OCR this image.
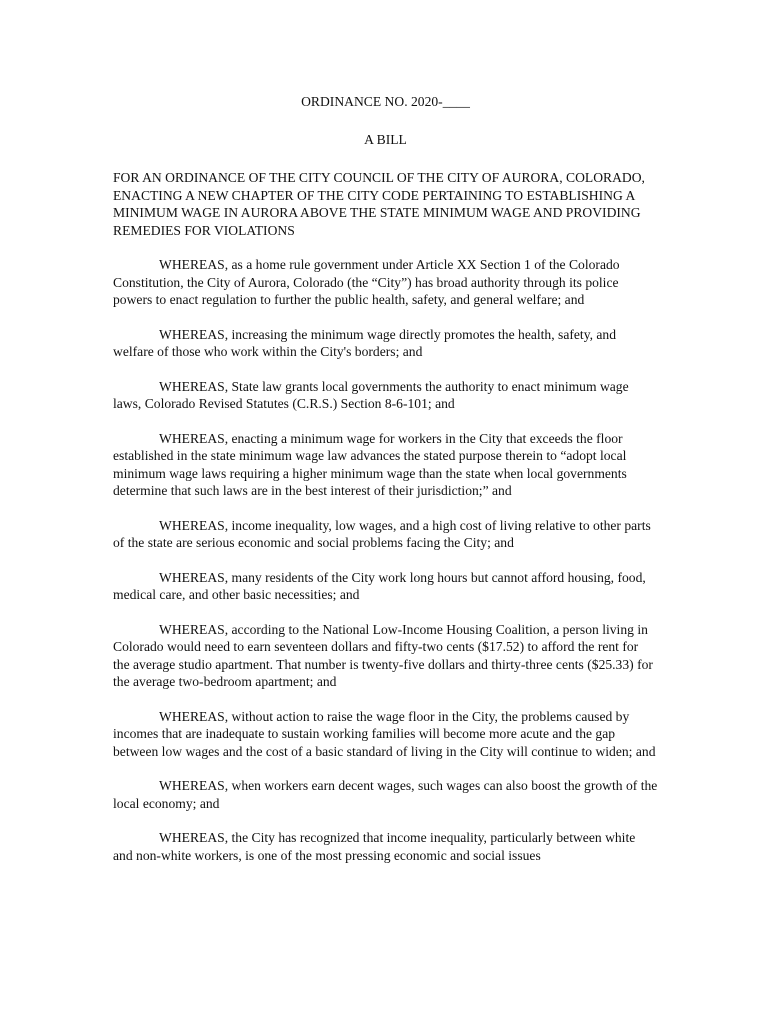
ORDINANCE NO. 2020-____
A BILL
FOR AN ORDINANCE OF THE CITY COUNCIL OF THE CITY OF AURORA, COLORADO, ENACTING A NEW CHAPTER OF THE CITY CODE PERTAINING TO ESTABLISHING A MINIMUM WAGE IN AURORA ABOVE THE STATE MINIMUM WAGE AND PROVIDING REMEDIES FOR VIOLATIONS

WHEREAS, as a home rule government under Article XX Section 1 of the Colorado Constitution, the City of Aurora, Colorado (the “City”) has broad authority through its police powers to enact regulation to further the public health, safety, and general welfare; and

WHEREAS, increasing the minimum wage directly promotes the health, safety, and welfare of those who work within the City's borders; and

WHEREAS, State law grants local governments the authority to enact minimum wage laws, Colorado Revised Statutes (C.R.S.) Section 8-6-101; and

WHEREAS, enacting a minimum wage for workers in the City that exceeds the floor established in the state minimum wage law advances the stated purpose therein to “adopt local minimum wage laws requiring a higher minimum wage than the state when local governments determine that such laws are in the best interest of their jurisdiction;” and

WHEREAS, income inequality, low wages, and a high cost of living relative to other parts of the state are serious economic and social problems facing the City; and

WHEREAS, many residents of the City work long hours but cannot afford housing, food, medical care, and other basic necessities; and

WHEREAS, according to the National Low-Income Housing Coalition, a person living in Colorado would need to earn seventeen dollars and fifty-two cents ($17.52) to afford the rent for the average studio apartment. That number is twenty-five dollars and thirty-three cents ($25.33) for the average two-bedroom apartment; and

WHEREAS, without action to raise the wage floor in the City, the problems caused by incomes that are inadequate to sustain working families will become more acute and the gap between low wages and the cost of a basic standard of living in the City will continue to widen; and

WHEREAS, when workers earn decent wages, such wages can also boost the growth of the local economy; and

WHEREAS, the City has recognized that income inequality, particularly between white and non-white workers, is one of the most pressing economic and social issues
